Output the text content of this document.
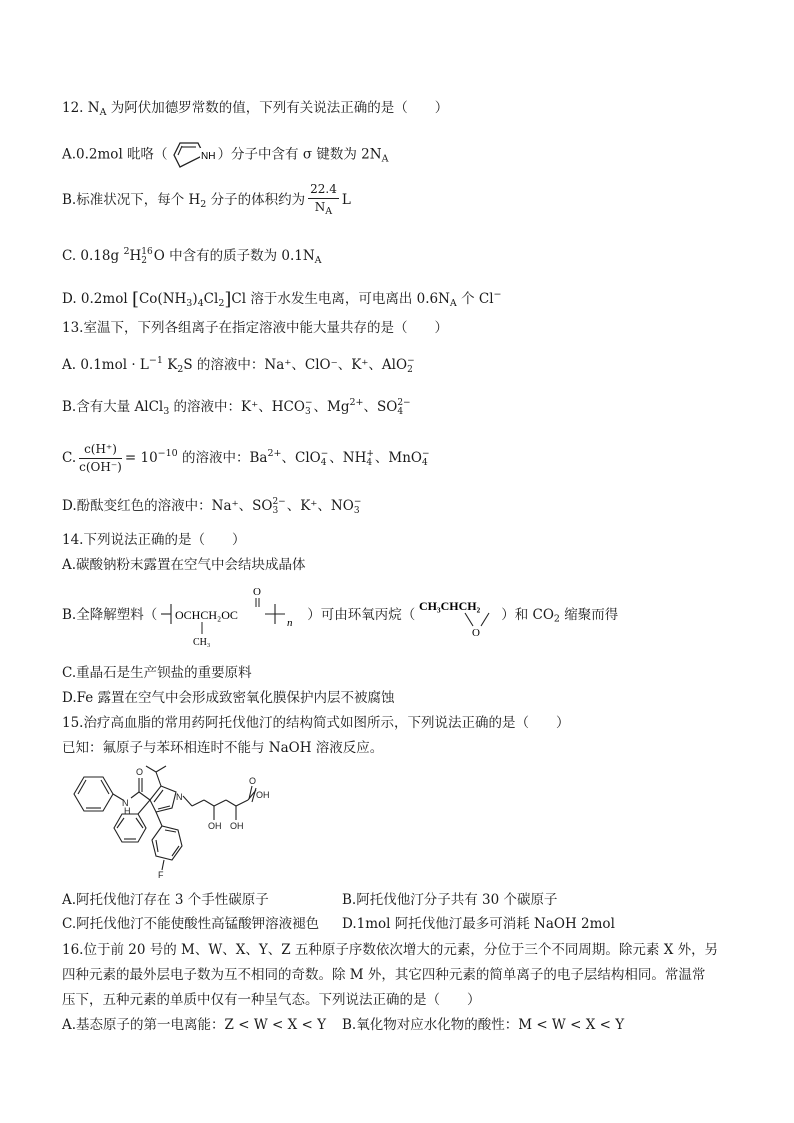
12. $N_A$ 为阿伏加德罗常数的值，下列有关说法正确的是（　　）
A.0.2mol 吡咯（	NH ）分子中含有 σ 键数为 $2N_A$
B.标准状况下，每个 $H_2$ 分子的体积约为 $\frac{22.4}{N_A}$ L
C. 0.18g $^2$H 16
2 O 中含有的质子数为 $0.1N_A$
D. 0.2mol $[Co(NH_3)_4Cl_2]Cl$ 溶于水发生电离，可电离出 $0.6N_A$ 个 Cl−
13.室温下，下列各组离子在指定溶液中能大量共存的是（　　）
A. $0.1mol \cdot L^{-1}$ $K_2S$ 的溶液中：Na⁺、ClO⁻、K⁺、AlO −
2
B.含有大量 AlCl$_3$ 的溶液中：K⁺、HCO −
3 、$Mg^{2+}$、SO 2−
4
C. $\frac{c(H^+)}{c(OH^-)} = 10^{-10}$ 的溶液中：$Ba^{2+}$、ClO −
4 、NH +
4 、MnO −
4
D.酚酞变红色的溶液中：Na⁺、SO 2−
3 、K⁺、NO −
3
14.下列说法正确的是（　　）
A.碳酸钠粉末露置在空气中会结块成晶体
B.全降解塑料（ OCHCH₂OC
O
CH₃
n ）可由环氧丙烷（
CH₃CHCH₂
O
）和 $CO_2$ 缩聚而得
C.重晶石是生产钡盐的重要原料
D.Fe 露置在空气中会形成致密氧化膜保护内层不被腐蚀
15.治疗高血脂的常用药阿托伐他汀的结构简式如图所示，下列说法正确的是（　　）
已知：氟原子与苯环相连时不能与 NaOH 溶液反应。
O
N
H
N
OH OH
OH
O
F
A.阿托伐他汀存在 3 个手性碳原子	B.阿托伐他汀分子共有 30 个碳原子
C.阿托伐他汀不能使酸性高锰酸钾溶液褪色 D.1mol 阿托伐他汀最多可消耗 NaOH 2mol
16.位于前 20 号的 M、W、X、Y、Z 五种原子序数依次增大的元素，分位于三个不同周期。除元素 X 外，另
四种元素的最外层电子数为互不相同的奇数。除 M 外，其它四种元素的简单离子的电子层结构相同。常温常
压下，五种元素的单质中仅有一种呈气态。下列说法正确的是（　　）
A.基态原子的第一电离能：Z < W < X < Y B.氧化物对应水化物的酸性：M < W < X < Y
